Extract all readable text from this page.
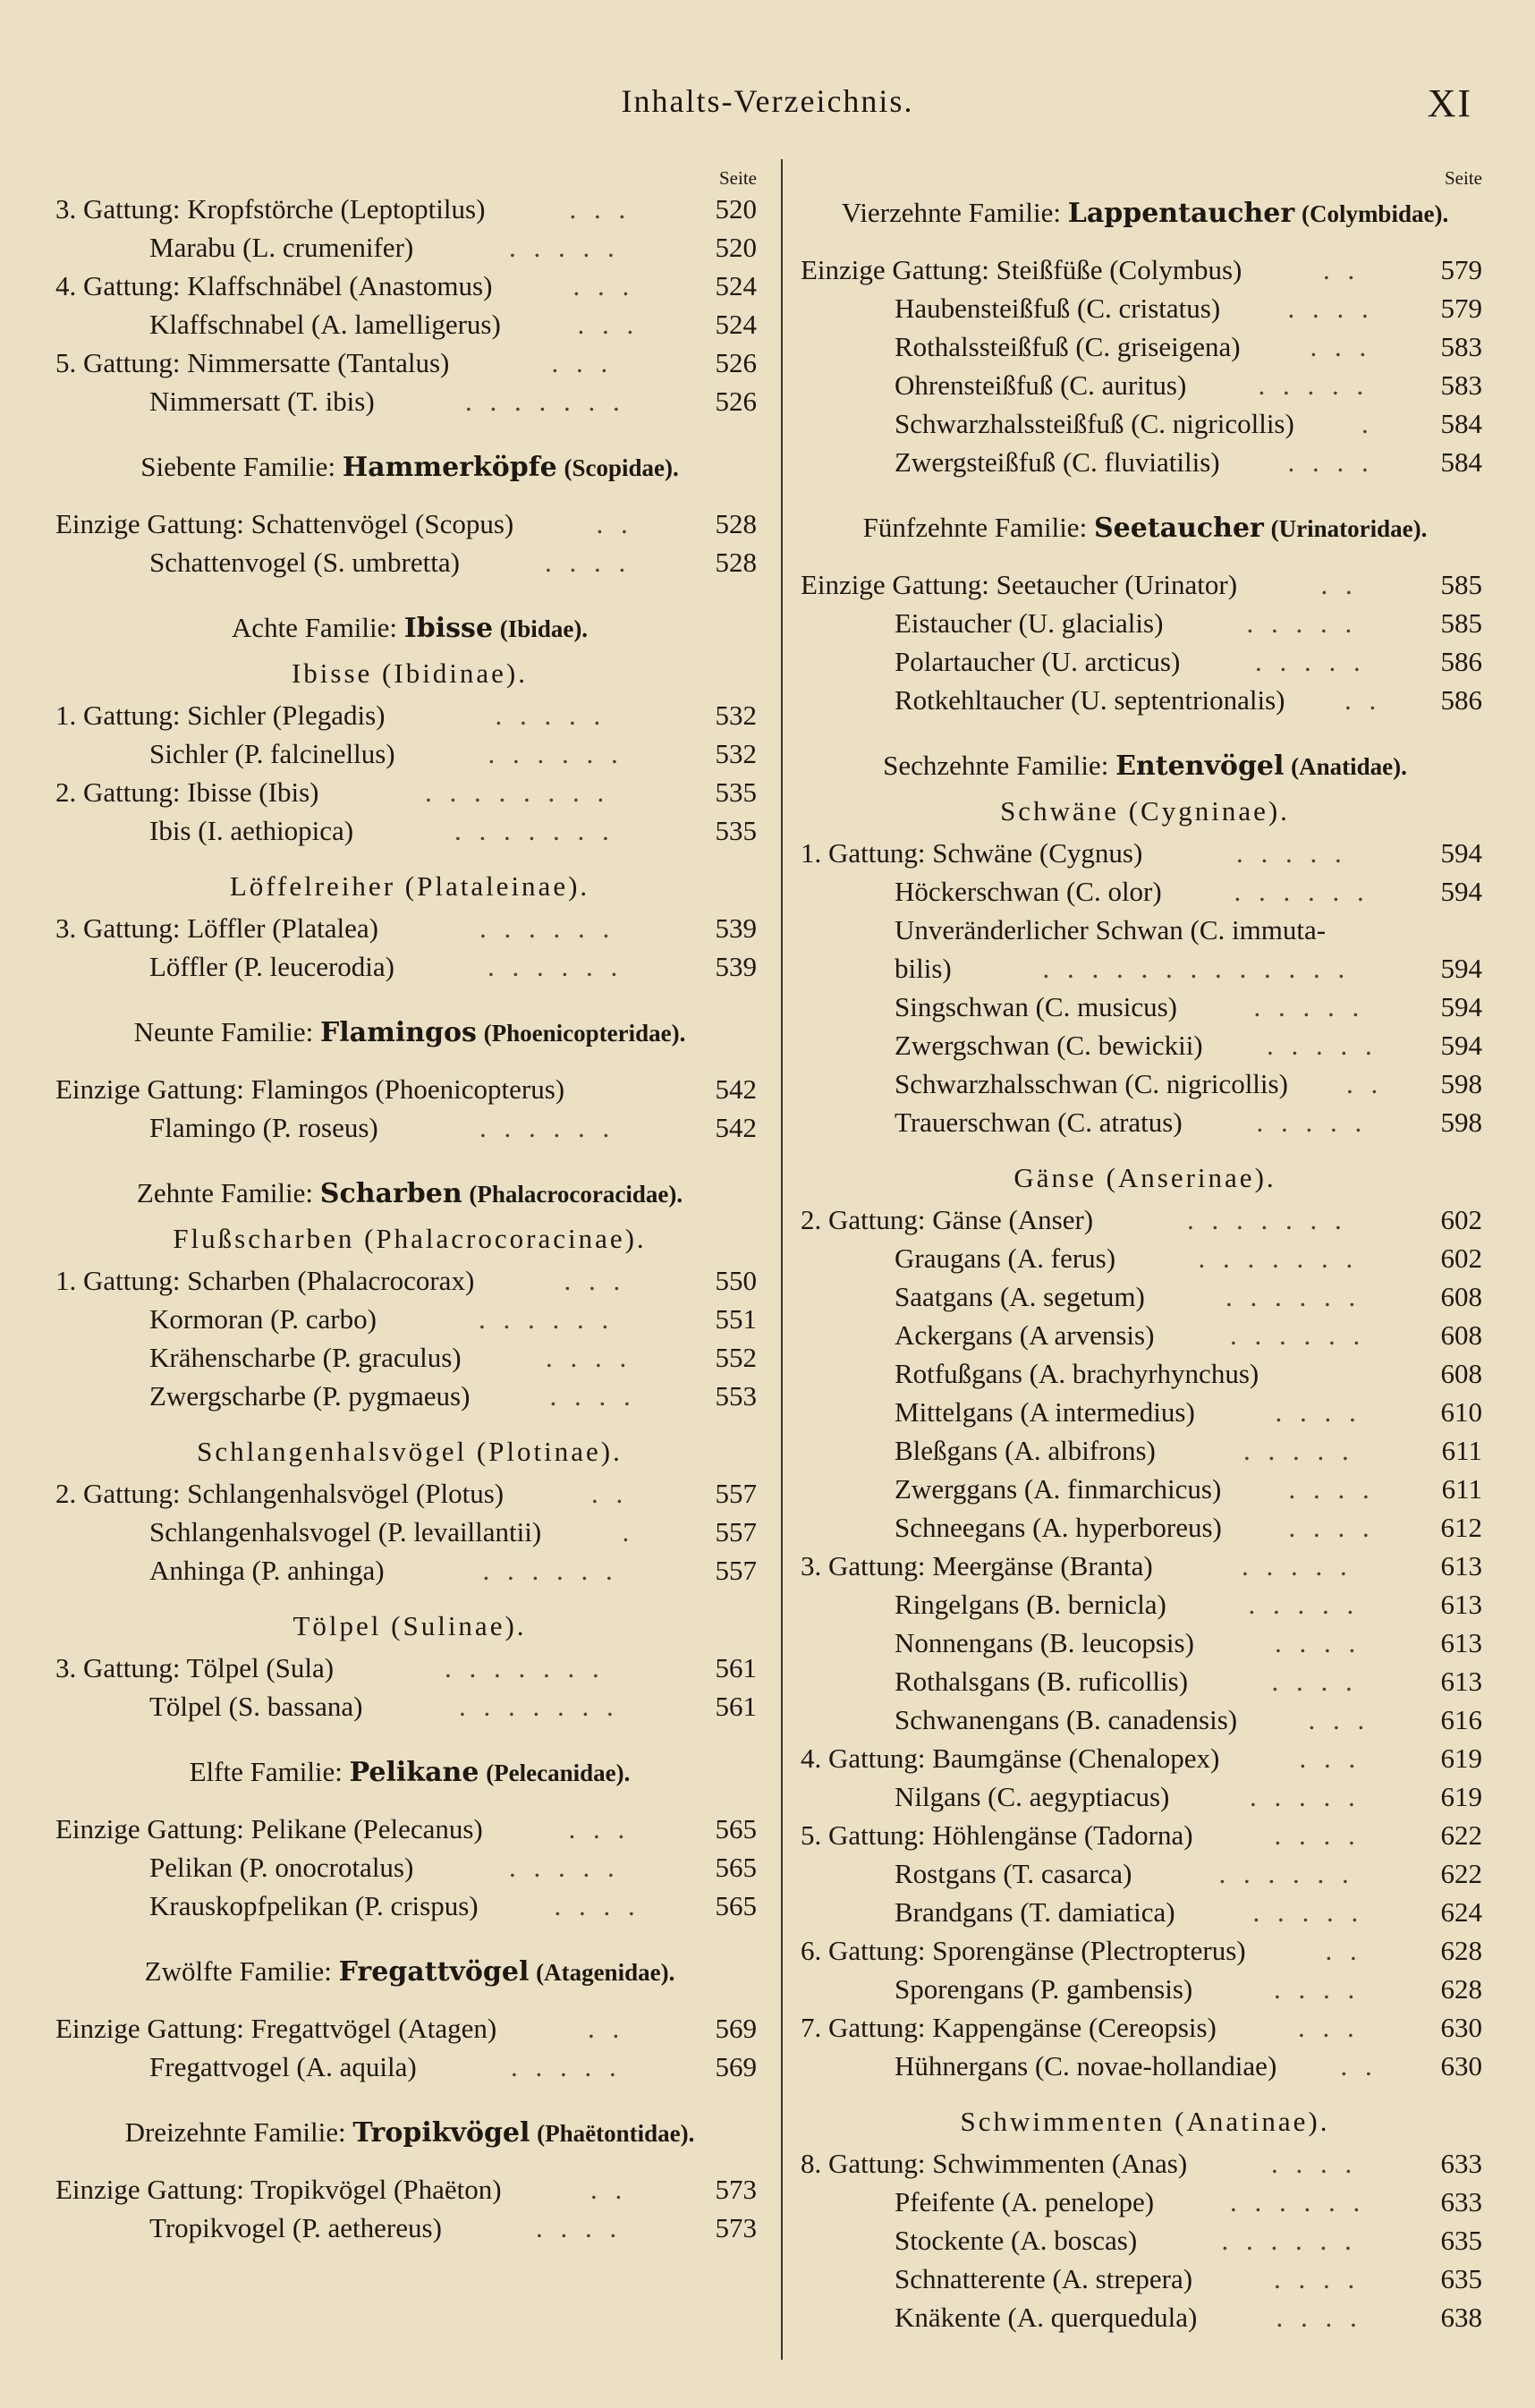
Inhalts-Verzeichnis.	XI
Seite
3. Gattung: Kropfstörche (Leptoptilus)	. . .	520
Marabu (L. crumenifer)	. . . . .	520
4. Gattung: Klaffschnäbel (Anastomus)	. . .	524
Klaffschnabel (A. lamelligerus)	. . .	524
5. Gattung: Nimmersatte (Tantalus)	. . .	526
Nimmersatt (T. ibis)	. . . . . . .	526
Siebente Familie: Hammerköpfe (Scopidae).
Einzige Gattung: Schattenvögel (Scopus)	. .	528
Schattenvogel (S. umbretta)	. . . .	528
Achte Familie: Ibisse (Ibidae).
Ibisse (Ibidinae).
1. Gattung: Sichler (Plegadis)	. . . . .	532
Sichler (P. falcinellus)	. . . . . .	532
2. Gattung: Ibisse (Ibis)	. . . . . . . .	535
Ibis (I. aethiopica)	. . . . . . .	535
Löffelreiher (Plataleinae).
3. Gattung: Löffler (Platalea)	. . . . . .	539
Löffler (P. leucerodia)	. . . . . .	539
Neunte Familie: Flamingos (Phoenicopteridae).
Einzige Gattung: Flamingos (Phoenicopterus)	542
Flamingo (P. roseus)	. . . . . .	542
Zehnte Familie: Scharben (Phalacrocoracidae).
Flußscharben (Phalacrocoracinae).
1. Gattung: Scharben (Phalacrocorax)	. . .	550
Kormoran (P. carbo)	. . . . . .	551
Krähenscharbe (P. graculus)	. . . .	552
Zwergscharbe (P. pygmaeus)	. . . .	553
Schlangenhalsvögel (Plotinae).
2. Gattung: Schlangenhalsvögel (Plotus)	. .	557
Schlangenhalsvogel (P. levaillantii)	.	557
Anhinga (P. anhinga)	. . . . . .	557
Tölpel (Sulinae).
3. Gattung: Tölpel (Sula)	. . . . . . .	561
Tölpel (S. bassana)	. . . . . . .	561
Elfte Familie: Pelikane (Pelecanidae).
Einzige Gattung: Pelikane (Pelecanus)	. . .	565
Pelikan (P. onocrotalus)	. . . . .	565
Krauskopfpelikan (P. crispus)	. . . .	565
Zwölfte Familie: Fregattvögel (Atagenidae).
Einzige Gattung: Fregattvögel (Atagen)	. .	569
Fregattvogel (A. aquila)	. . . . .	569
Dreizehnte Familie: Tropikvögel (Phaëtontidae).
Einzige Gattung: Tropikvögel (Phaëton)	. .	573
Tropikvogel (P. aethereus)	. . . .	573
Seite
Vierzehnte Familie: Lappentaucher (Colymbidae).
Einzige Gattung: Steißfüße (Colymbus)	. .	579
Haubensteißfuß (C. cristatus) . . . . 579
Rothalssteißfuß (C. griseigena)	. . . 583
Ohrensteißfuß (C. auritus)	. . . . .	583
Schwarzhalssteißfuß (C. nigricollis) . 584
Zwergsteißfuß (C. fluviatilis) . . . . 584
Fünfzehnte Familie: Seetaucher (Urinatoridae).
Einzige Gattung: Seetaucher (Urinator)	. .	585
Eistaucher (U. glacialis)	. . . . .	585
Polartaucher (U. arcticus)	. . . . .	586
Rotkehltaucher (U. septentrionalis) . . 586
Sechzehnte Familie: Entenvögel (Anatidae).
Schwäne (Cygninae).
1. Gattung: Schwäne (Cygnus)	. . . . .	594
Höckerschwan (C. olor)	. . . . . .	594
Unveränderlicher Schwan (C. immuta-
bilis)	. . . . . . . . . . . . .	594
Singschwan (C. musicus)	. . . . .	594
Zwergschwan (C. bewickii) . . . . . 594
Schwarzhalsschwan (C. nigricollis) . . 598
Trauerschwan (C. atratus)	. . . . .	598
Gänse (Anserinae).
2. Gattung: Gänse (Anser)	. . . . . . .	602
Graugans (A. ferus)	. . . . . . .	602
Saatgans (A. segetum)	. . . . . .	608
Ackergans (A arvensis)	. . . . . .	608
Rotfußgans (A. brachyrhynchus)	608
Mittelgans (A intermedius)	. . . .	610
Bleßgans (A. albifrons)	. . . . .	611
Zwerggans (A. finmarchicus) . . . . 611
Schneegans (A. hyperboreus) . . . . 612
3. Gattung: Meergänse (Branta)	. . . . .	613
Ringelgans (B. bernicla)	. . . . .	613
Nonnengans (B. leucopsis)	. . . .	613
Rothalsgans (B. ruficollis)	. . . .	613
Schwanengans (B. canadensis)	. . .	616
4. Gattung: Baumgänse (Chenalopex)	. . .	619
Nilgans (C. aegyptiacus)	. . . . .	619
5. Gattung: Höhlengänse (Tadorna)	. . . .	622
Rostgans (T. casarca)	. . . . . .	622
Brandgans (T. damiatica)	. . . . .	624
6. Gattung: Sporengänse (Plectropterus)	. .	628
Sporengans (P. gambensis)	. . . .	628
7. Gattung: Kappengänse (Cereopsis)	. . .	630
Hühnergans (C. novae-hollandiae) . . 630
Schwimmenten (Anatinae).
8. Gattung: Schwimmenten (Anas)	. . . .	633
Pfeifente (A. penelope)	. . . . . .	633
Stockente (A. boscas)	. . . . . .	635
Schnatterente (A. strepera)	. . . .	635
Knäkente (A. querquedula)	. . . .	638
